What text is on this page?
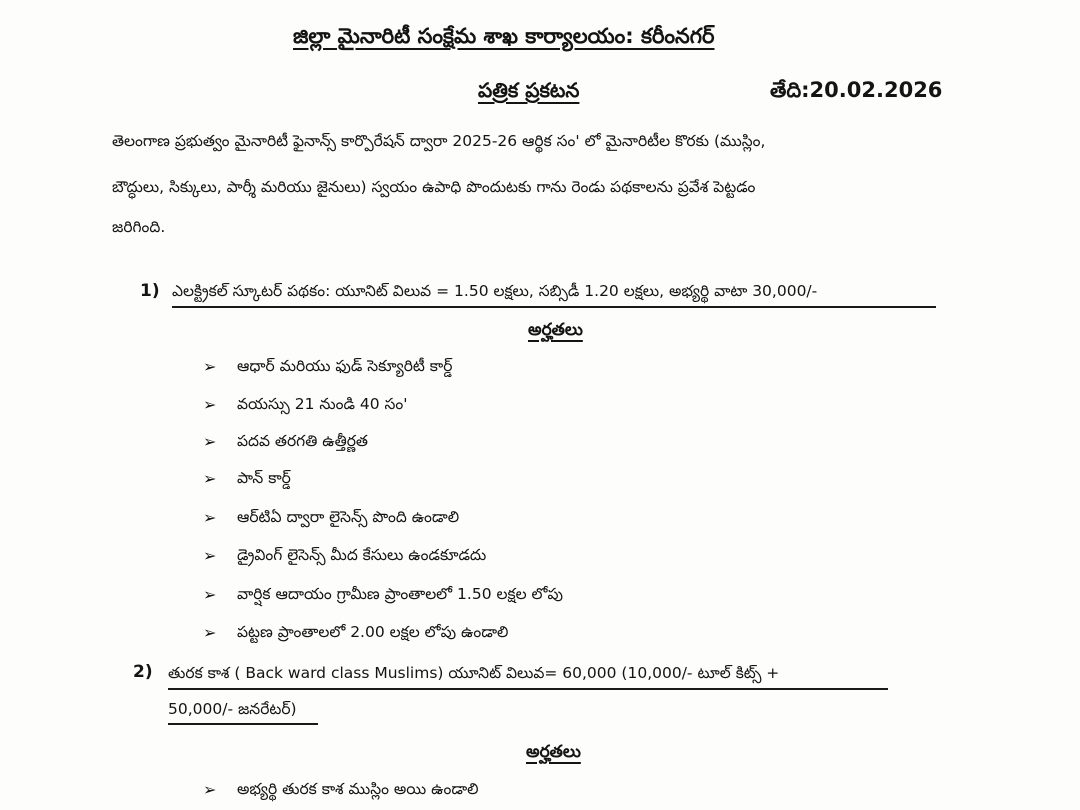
జిల్లా మైనారిటీ సంక్షేమ శాఖ కార్యాలయం: కరీంనగర్
పత్రిక ప్రకటన	తేది:20.02.2026
తెలంగాణ ప్రభుత్వం మైనారిటీ ఫైనాన్స్ కార్పొరేషన్ ద్వారా 2025-26 ఆర్థిక సం' లో మైనారిటీల కొరకు (ముస్లిం,
బౌద్ధులు, సిక్కులు, పార్శీ మరియు జైనులు) స్వయం ఉపాధి పొందుటకు గాను రెండు పథకాలను ప్రవేశ పెట్టడం
జరిగింది.
1) ఎలక్ట్రికల్ స్కూటర్ పథకం: యూనిట్ విలువ = 1.50 లక్షలు, సబ్సిడీ 1.20 లక్షలు, అభ్యర్థి వాటా 30,000/-
అర్హతలు
➢ ఆధార్ మరియు ఫుడ్ సెక్యూరిటీ కార్డ్
➢ వయస్సు 21 నుండి 40 సం'
➢ పదవ తరగతి ఉత్తీర్ణత
➢ పాన్ కార్డ్
➢ ఆర్‌టిఏ ద్వారా లైసెన్స్ పొంది ఉండాలి
➢ డ్రైవింగ్ లైసెన్స్ మీద కేసులు ఉండకూడదు
➢ వార్షిక ఆదాయం గ్రామీణ ప్రాంతాలలో 1.50 లక్షల లోపు
➢ పట్టణ ప్రాంతాలలో 2.00 లక్షల లోపు ఉండాలి
2) తురక కాశ ( Back ward class Muslims) యూనిట్ విలువ= 60,000 (10,000/- టూల్ కిట్స్ +
50,000/- జనరేటర్)
అర్హతలు
➢ అభ్యర్థి తురక కాశ ముస్లిం అయి ఉండాలి
